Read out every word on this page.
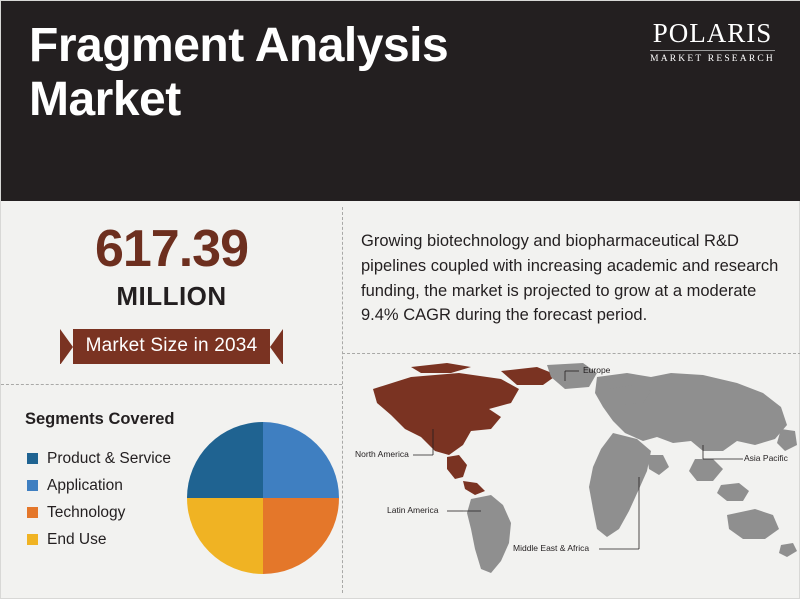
Fragment Analysis Market
POLARIS
MARKET RESEARCH
617.39
MILLION
Market Size in 2034
Segments Covered
Product & Service
Application
Technology
End Use
Growing biotechnology and biopharmaceutical R&D pipelines coupled with increasing academic and research funding, the market is projected to grow at a moderate 9.4% CAGR during the forecast period.
Europe
North America	Asia Pacific
Latin America
Middle East & Africa
